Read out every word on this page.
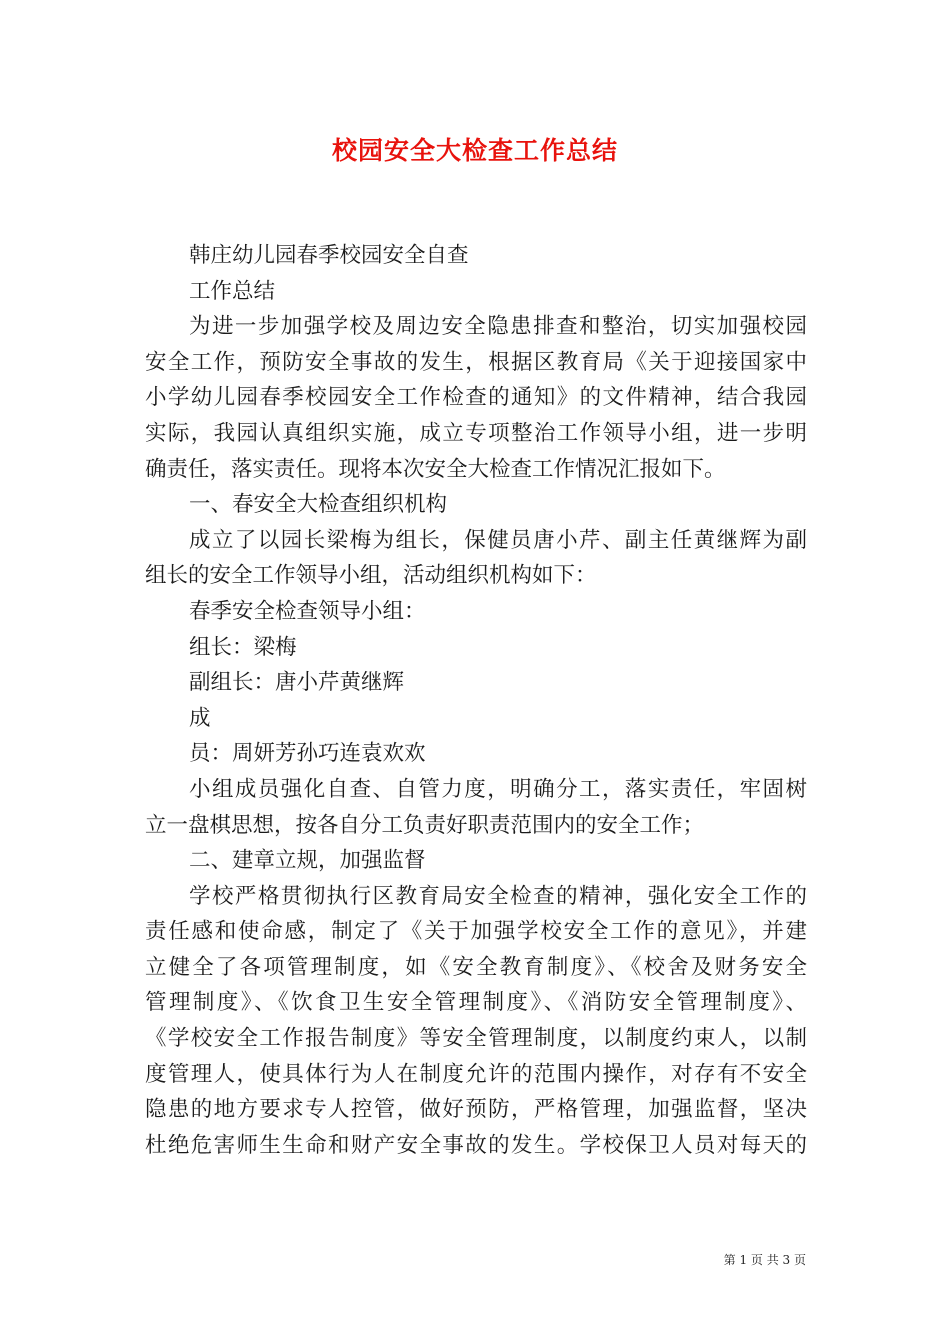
校园安全大检查工作总结
韩庄幼儿园春季校园安全自查
工作总结
为进一步加强学校及周边安全隐患排查和整治，切实加强校园
安全工作，预防安全事故的发生，根据区教育局《关于迎接国家中
小学幼儿园春季校园安全工作检查的通知》的文件精神，结合我园
实际，我园认真组织实施，成立专项整治工作领导小组，进一步明
确责任，落实责任。现将本次安全大检查工作情况汇报如下。
一、春安全大检查组织机构
成立了以园长梁梅为组长，保健员唐小芹、副主任黄继辉为副
组长的安全工作领导小组，活动组织机构如下：
春季安全检查领导小组：
组长：梁梅
副组长：唐小芹黄继辉
成
员：周妍芳孙巧连袁欢欢
小组成员强化自查、自管力度，明确分工，落实责任，牢固树
立一盘棋思想，按各自分工负责好职责范围内的安全工作；
二、建章立规，加强监督
学校严格贯彻执行区教育局安全检查的精神，强化安全工作的
责任感和使命感，制定了《关于加强学校安全工作的意见》，并建
立健全了各项管理制度，如《安全教育制度》、《校舍及财务安全
管理制度》、《饮食卫生安全管理制度》、《消防安全管理制度》、
《学校安全工作报告制度》等安全管理制度，以制度约束人，以制
度管理人，使具体行为人在制度允许的范围内操作，对存有不安全
隐患的地方要求专人控管，做好预防，严格管理，加强监督，坚决
杜绝危害师生生命和财产安全事故的发生。学校保卫人员对每天的
第 1 页 共 3 页
